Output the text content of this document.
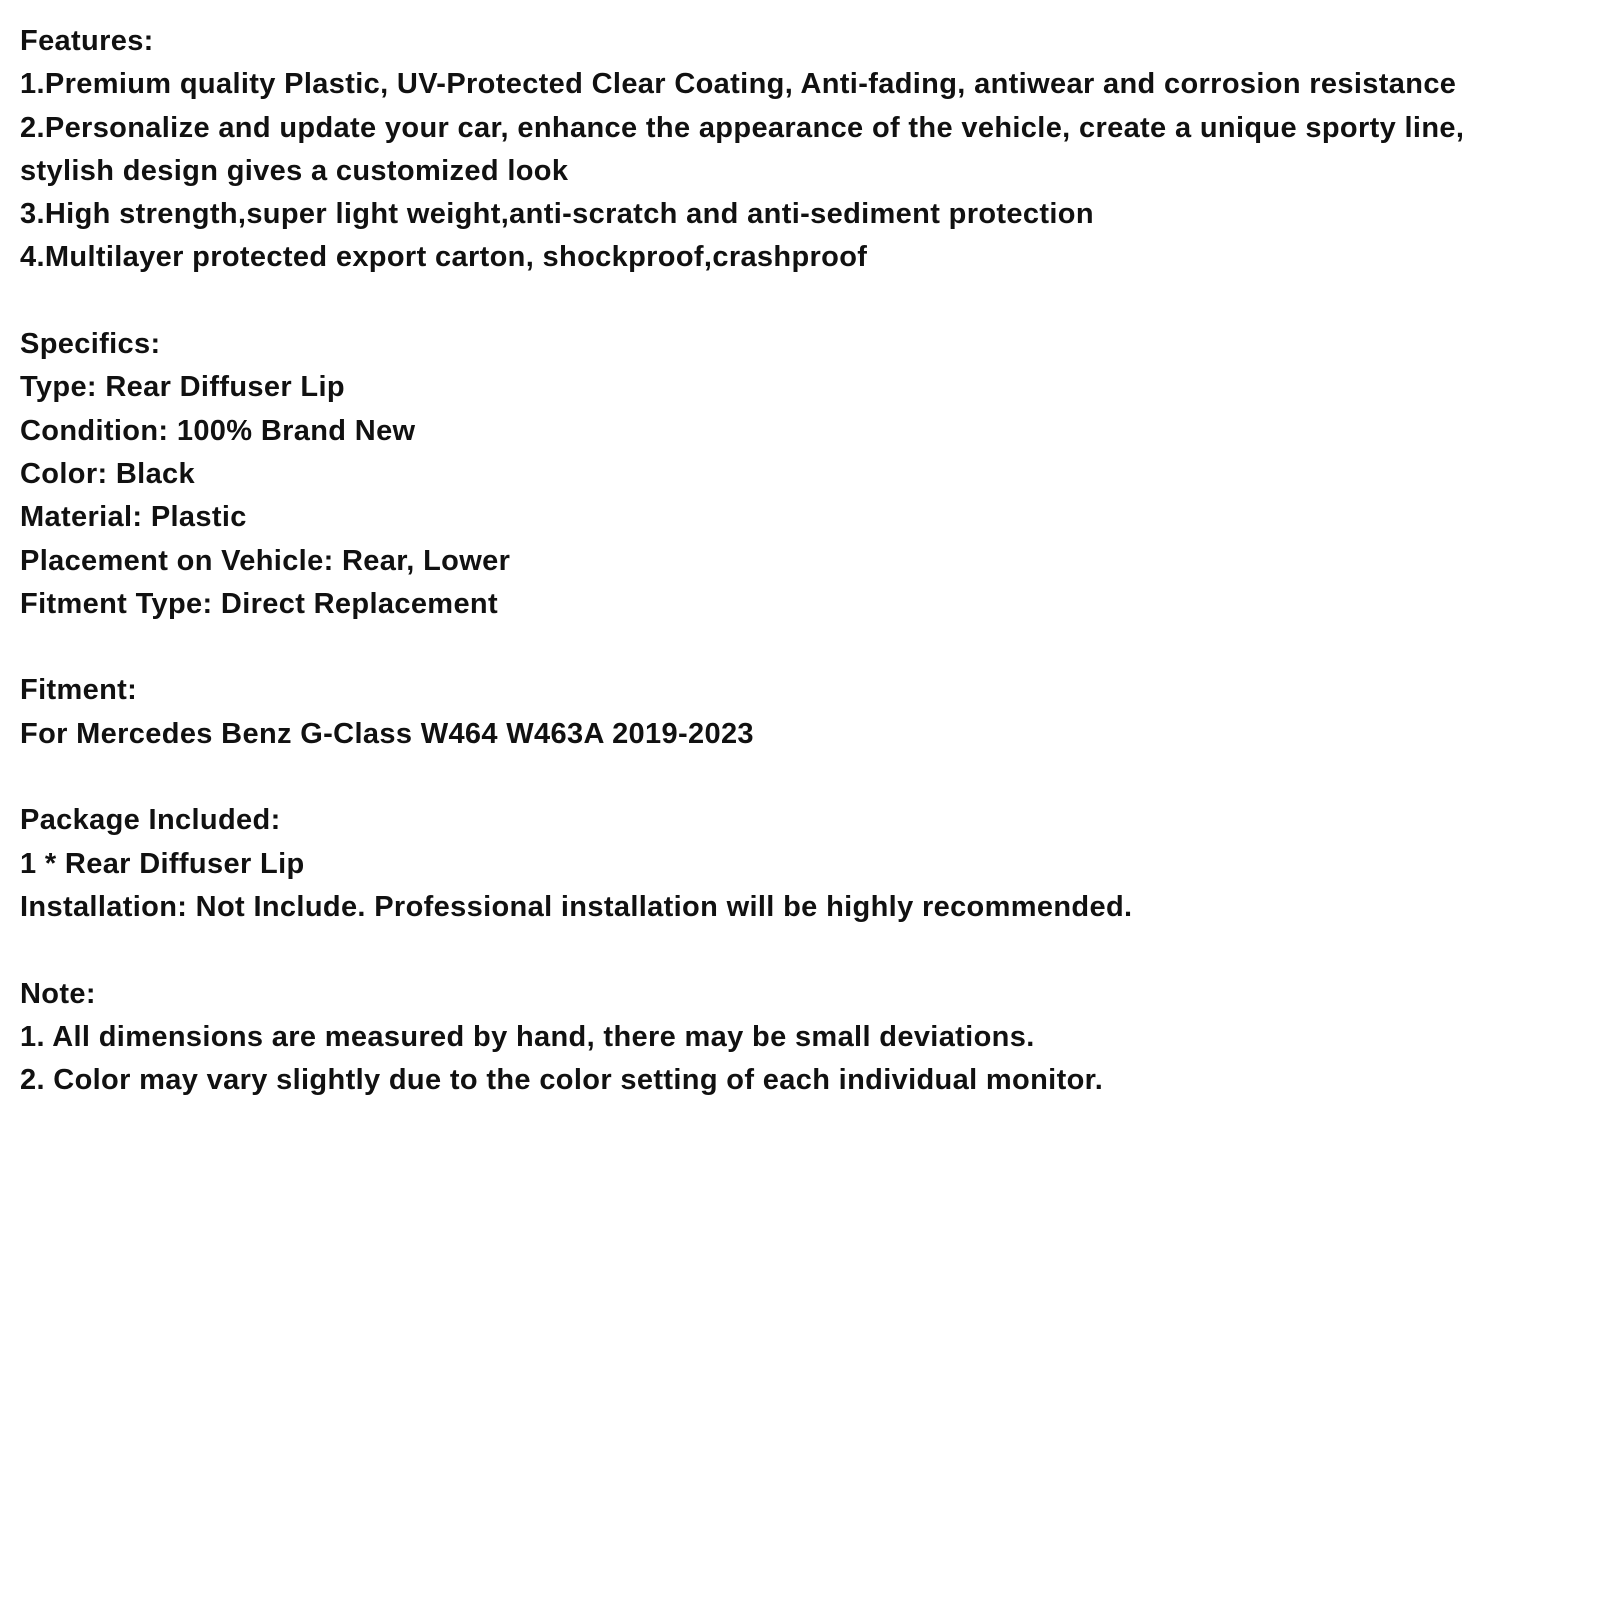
Features:

1.Premium quality Plastic, UV-Protected Clear Coating, Anti-fading, antiwear and corrosion resistance

2.Personalize and update your car, enhance the appearance of the vehicle, create a unique sporty line,

stylish design gives a customized look

3.High strength,super light weight,anti-scratch and anti-sediment protection

4.Multilayer protected export carton, shockproof,crashproof

Specifics:

Type: Rear Diffuser Lip

Condition: 100% Brand New

Color: Black

Material: Plastic

Placement on Vehicle: Rear, Lower

Fitment Type: Direct Replacement

Fitment:

For Mercedes Benz G-Class W464 W463A 2019-2023

Package Included:

1 * Rear Diffuser Lip

Installation: Not Include. Professional installation will be highly recommended.

Note:

1. All dimensions are measured by hand, there may be small deviations.

2. Color may vary slightly due to the color setting of each individual monitor.
